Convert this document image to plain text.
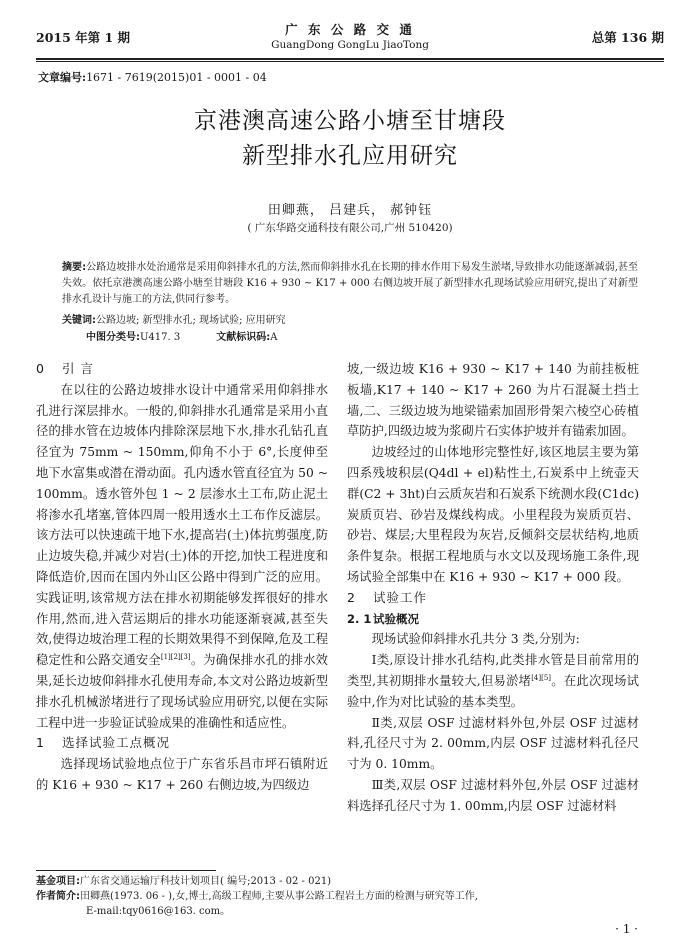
2015 年第 1 期
广 东 公 路 交 通
GuangDong GongLu JiaoTong	总第 136 期
文章编号:1671 - 7619(2015)01 - 0001 - 04
京港澳高速公路小塘至甘塘段
新型排水孔应用研究
田卿燕， 吕建兵， 郝钟钰
( 广东华路交通科技有限公司,广州 510420)
摘要:公路边坡排水处治通常是采用仰斜排水孔的方法,然而仰斜排水孔在长期的排水作用下易发生淤堵,导致排水功能逐渐减弱,甚至失效。依托京港澳高速公路小塘至甘塘段 K16 + 930 ~ K17 + 000 右侧边坡开展了新型排水孔现场试验应用研究,提出了对新型排水孔设计与施工的方法,供同行参考。
关键词:公路边坡; 新型排水孔; 现场试验; 应用研究
中图分类号:U417. 3	文献标识码:A

0 引 言

在以往的公路边坡排水设计中通常采用仰斜排水孔进行深层排水。一般的,仰斜排水孔通常是采用小直径的排水管在边坡体内排除深层地下水,排水孔钻孔直径宜为 75mm ~ 150mm,仰角不小于 6°,长度伸至地下水富集或潜在滑动面。孔内透水管直径宜为 50 ~ 100mm。透水管外包 1 ~ 2 层渗水土工布,防止泥土将渗水孔堵塞,管体四周一般用透水土工布作反滤层。该方法可以快速疏干地下水,提高岩(土)体抗剪强度,防止边坡失稳,并减少对岩(土)体的开挖,加快工程进度和降低造价,因而在国内外山区公路中得到广泛的应用。实践证明,该常规方法在排水初期能够发挥很好的排水作用,然而,进入营运期后的排水功能逐渐衰减,甚至失效,使得边坡治理工程的长期效果得不到保障,危及工程稳定性和公路交通安全[1][2][3]。为确保排水孔的排水效果,延长边坡仰斜排水孔使用寿命,本文对公路边坡新型排水孔机械淤堵进行了现场试验应用研究,以便在实际工程中进一步验证试验成果的准确性和适应性。

1 选择试验工点概况

选择现场试验地点位于广东省乐昌市坪石镇附近的 K16 + 930 ~ K17 + 260 右侧边坡,为四级边

坡,一级边坡 K16 + 930 ~ K17 + 140 为前挂板桩板墙,K17 + 140 ~ K17 + 260 为片石混凝土挡土墙,二、三级边坡为地梁锚索加固形骨架六棱空心砖植草防护,四级边坡为浆砌片石实体护坡并有锚索加固。

边坡经过的山体地形完整性好,该区地层主要为第四系残坡积层(Q4dl + el)粘性土,石炭系中上统壶天群(C2 + 3ht)白云质灰岩和石炭系下统测水段(C1dc)炭质页岩、砂岩及煤线构成。小里程段为炭质页岩、砂岩、煤层;大里程段为灰岩,反倾斜交层状结构,地质条件复杂。根据工程地质与水文以及现场施工条件,现场试验全部集中在 K16 + 930 ~ K17 + 000 段。

2 试验工作

2. 1 试验概况

现场试验仰斜排水孔共分 3 类,分别为:

Ⅰ类,原设计排水孔结构,此类排水管是目前常用的类型,其初期排水量较大,但易淤堵[4][5]。在此次现场试验中,作为对比试验的基本类型。

Ⅱ类,双层 OSF 过滤材料外包,外层 OSF 过滤材料,孔径尺寸为 2. 00mm,内层 OSF 过滤材料孔径尺寸为 0. 10mm。

Ⅲ类,双层 OSF 过滤材料外包,外层 OSF 过滤材料选择孔径尺寸为 1. 00mm,内层 OSF 过滤材料

基金项目:广东省交通运输厅科技计划项目( 编号;2013 - 02 - 021)
作者简介:田卿燕(1973. 06 - ),女,博士,高级工程师,主要从事公路工程岩土方面的检测与研究等工作,
E-mail:tqy0616@163. com。
· 1 ·
